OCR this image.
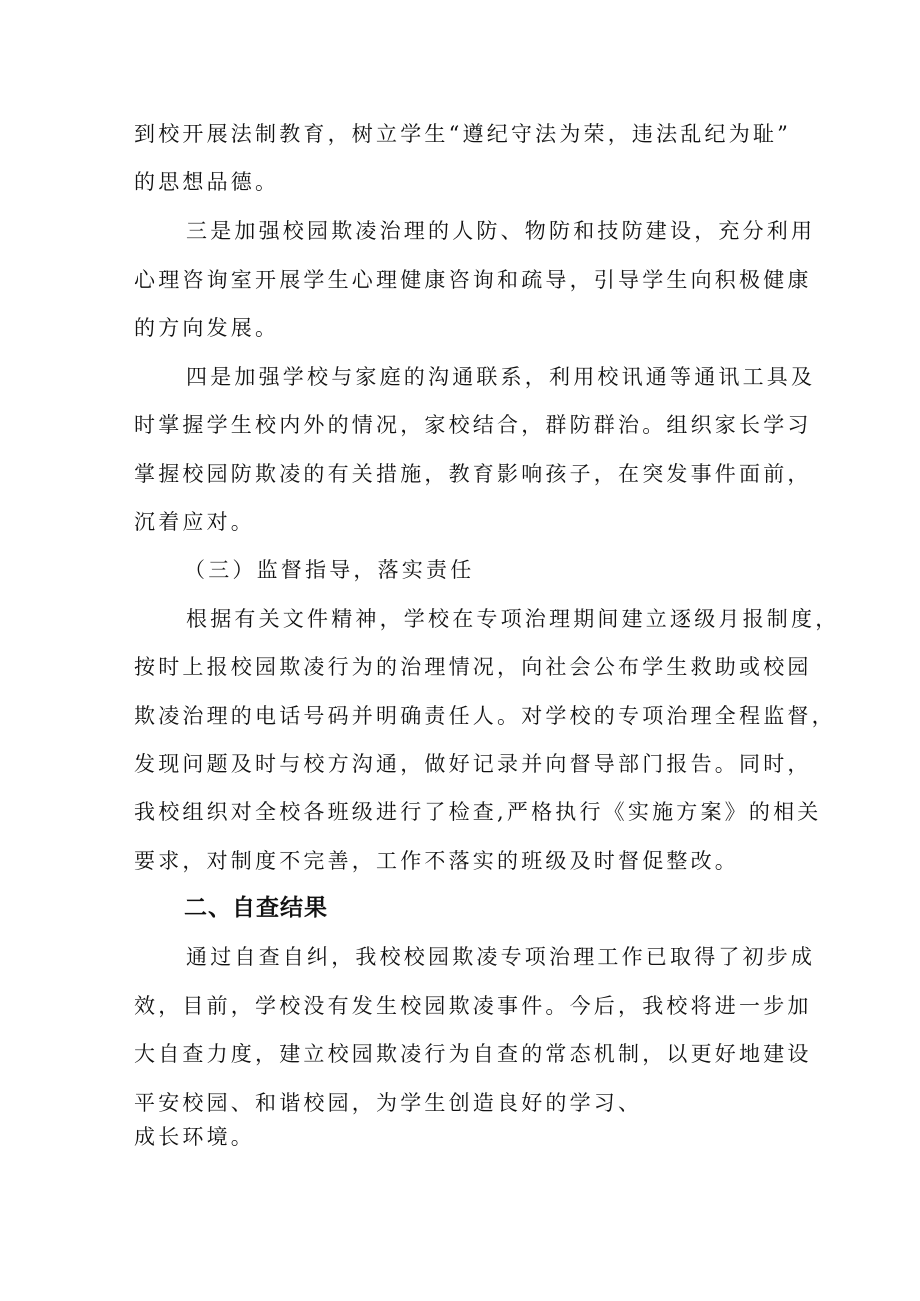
到校开展法制教育，树立学生“遵纪守法为荣，违法乱纪为耻”

的思想品德。

三是加强校园欺凌治理的人防、物防和技防建设，充分利用

心理咨询室开展学生心理健康咨询和疏导，引导学生向积极健康

的方向发展。

四是加强学校与家庭的沟通联系，利用校讯通等通讯工具及

时掌握学生校内外的情况，家校结合，群防群治。组织家长学习

掌握校园防欺凌的有关措施，教育影响孩子，在突发事件面前，

沉着应对。

（三）监督指导，落实责任

根据有关文件精神，学校在专项治理期间建立逐级月报制度，

按时上报校园欺凌行为的治理情况，向社会公布学生救助或校园

欺凌治理的电话号码并明确责任人。对学校的专项治理全程监督，

发现问题及时与校方沟通，做好记录并向督导部门报告。同时，

我校组织对全校各班级进行了检查,严格执行《实施方案》的相关

要求，对制度不完善，工作不落实的班级及时督促整改。

二、自查结果

通过自查自纠，我校校园欺凌专项治理工作已取得了初步成

效，目前，学校没有发生校园欺凌事件。今后，我校将进一步加

大自查力度，建立校园欺凌行为自查的常态机制，以更好地建设

平安校园、和谐校园，为学生创造良好的学习、

成长环境。
